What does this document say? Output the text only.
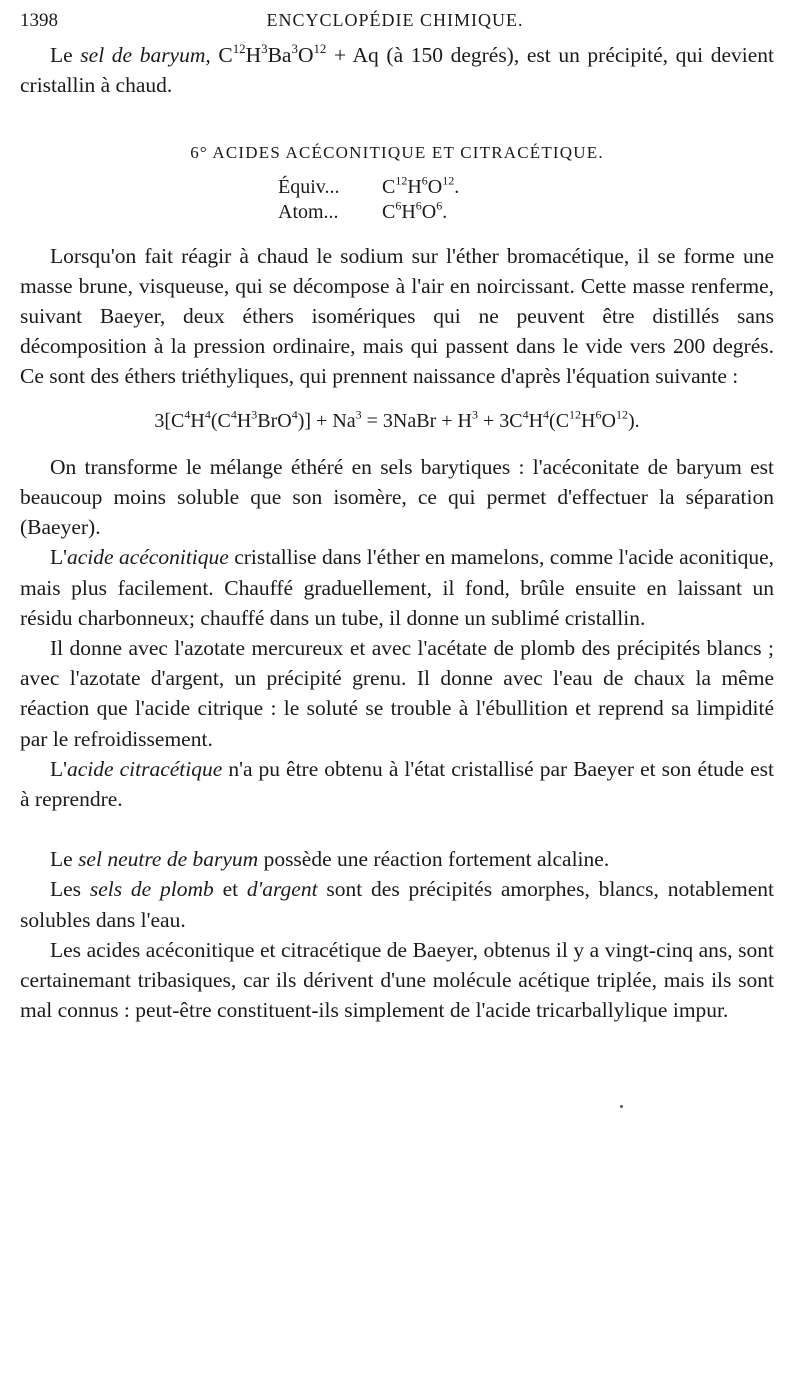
1398	ENCYCLOPÉDIE CHIMIQUE.

Le sel de baryum, $C^{12}H^3Ba^3O^{12} + Aq$ (à 150 degrés), est un précipité, qui devient cristallin à chaud.

6° ACIDES ACÉCONITIQUE ET CITRACÉTIQUE.
Équiv... $C^{12}H^6O^{12}$.
Atom... $C^6H^6O^6$.

Lorsqu'on fait réagir à chaud le sodium sur l'éther bromacétique, il se forme une masse brune, visqueuse, qui se décompose à l'air en noircissant. Cette masse renferme, suivant Baeyer, deux éthers isomériques qui ne peuvent être distillés sans décomposition à la pression ordinaire, mais qui passent dans le vide vers 200 degrés. Ce sont des éthers triéthyliques, qui prennent naissance d'après l'équation suivante :

$3[C^4H^4(C^4H^3BrO^4)] + Na^3$ = 3NaBr + $H^3 + 3C^4H^4(C^{12}H^6O^{12})$.

On transforme le mélange éthéré en sels barytiques : l'acéconitate de baryum est beaucoup moins soluble que son isomère, ce qui permet d'effectuer la séparation (Baeyer).

L'acide acéconitique cristallise dans l'éther en mamelons, comme l'acide aconitique, mais plus facilement. Chauffé graduellement, il fond, brûle ensuite en laissant un résidu charbonneux; chauffé dans un tube, il donne un sublimé cristallin.

Il donne avec l'azotate mercureux et avec l'acétate de plomb des précipités blancs ; avec l'azotate d'argent, un précipité grenu. Il donne avec l'eau de chaux la même réaction que l'acide citrique : le soluté se trouble à l'ébullition et reprend sa limpidité par le refroidissement.

L'acide citracétique n'a pu être obtenu à l'état cristallisé par Baeyer et son étude est à reprendre.

Le sel neutre de baryum possède une réaction fortement alcaline.

Les sels de plomb et d'argent sont des précipités amorphes, blancs, notablement solubles dans l'eau.

Les acides acéconitique et citracétique de Baeyer, obtenus il y a vingt-cinq ans, sont certainemant tribasiques, car ils dérivent d'une molécule acétique triplée, mais ils sont mal connus : peut-être constituent-ils simplement de l'acide tricarballylique impur.
